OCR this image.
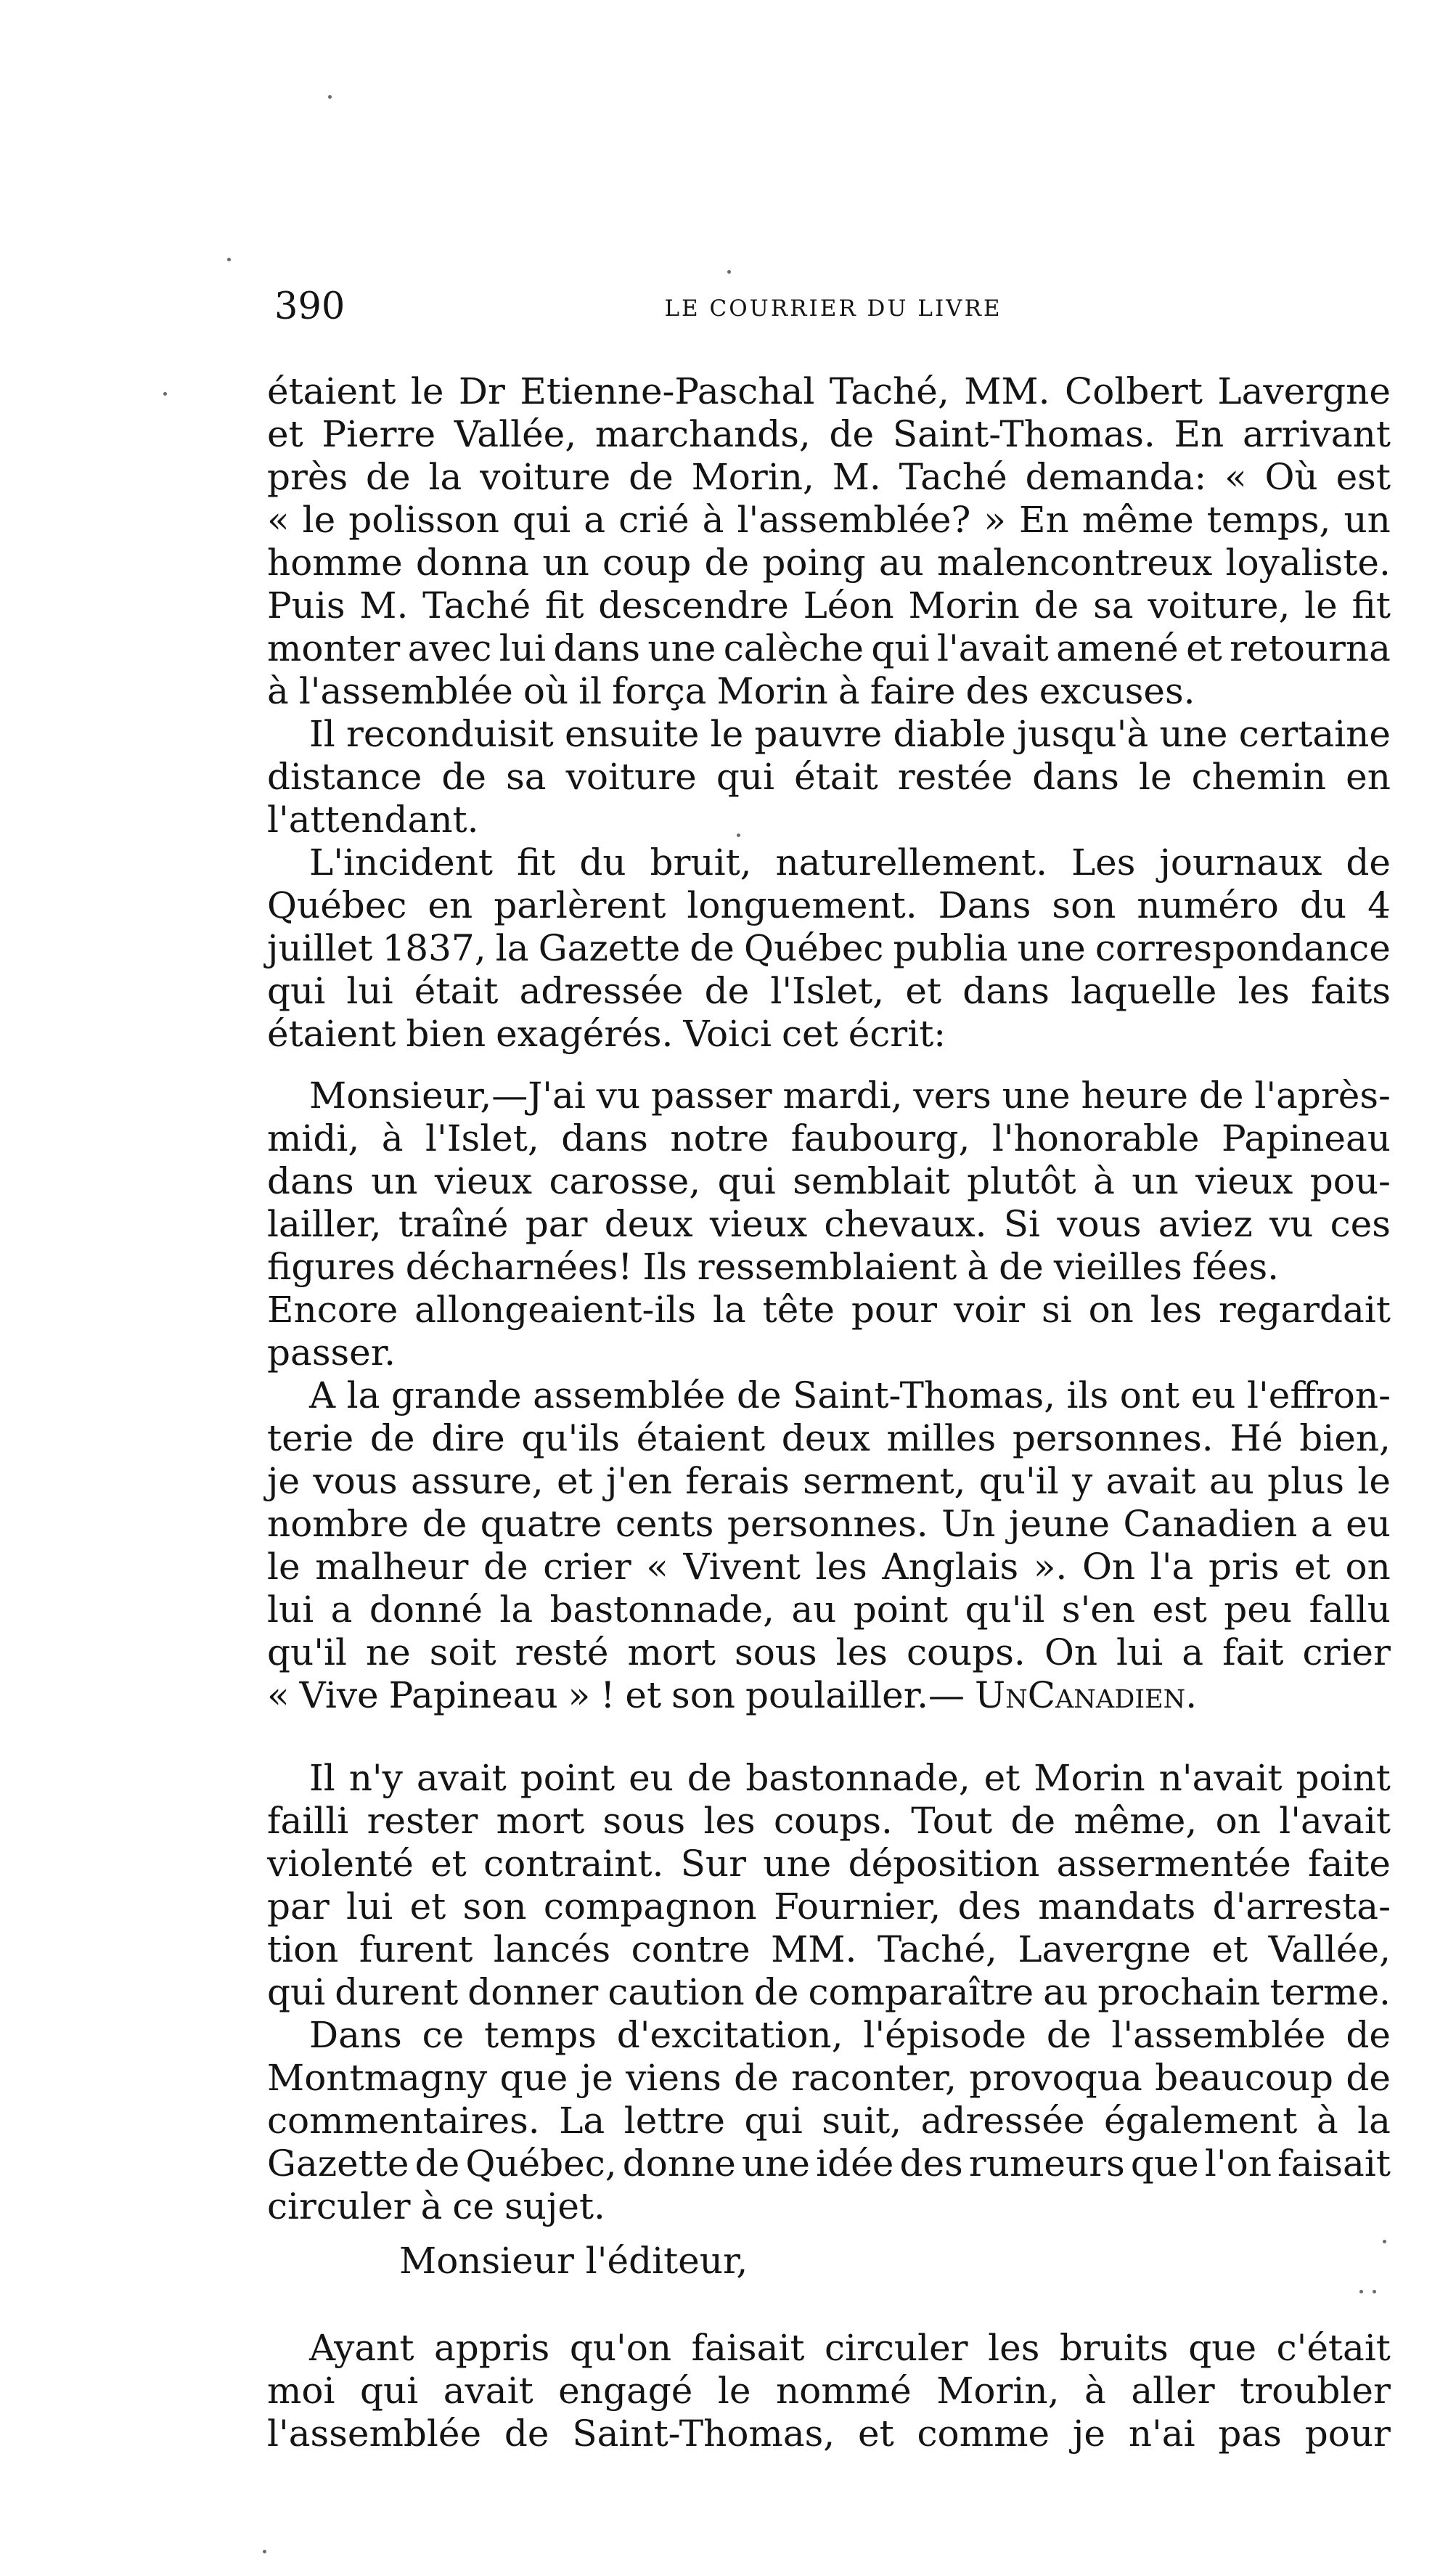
390	LE COURRIER DU LIVRE
étaient le Dr Etienne-Paschal Taché, MM. Colbert Lavergne
et Pierre Vallée, marchands, de Saint-Thomas. En arrivant
près de la voiture de Morin, M. Taché demanda: « Où est
« le polisson qui a crié à l'assemblée? » En même temps, un
homme donna un coup de poing au malencontreux loyaliste.
Puis M. Taché fit descendre Léon Morin de sa voiture, le fit
monter avec lui dans une calèche qui l'avait amené et retourna
à l'assemblée où il força Morin à faire des excuses.
Il reconduisit ensuite le pauvre diable jusqu'à une certaine
distance de sa voiture qui était restée dans le chemin en
l'attendant.
L'incident fit du bruit, naturellement. Les journaux de
Québec en parlèrent longuement. Dans son numéro du 4
juillet 1837, la Gazette de Québec publia une correspondance
qui lui était adressée de l'Islet, et dans laquelle les faits
étaient bien exagérés. Voici cet écrit:
Monsieur,—J'ai vu passer mardi, vers une heure de l'après-
midi, à l'Islet, dans notre faubourg, l'honorable Papineau
dans un vieux carosse, qui semblait plutôt à un vieux pou-
lailler, traîné par deux vieux chevaux. Si vous aviez vu ces
figures décharnées! Ils ressemblaient à de vieilles fées.
Encore allongeaient-ils la tête pour voir si on les regardait
passer.
A la grande assemblée de Saint-Thomas, ils ont eu l'effron-
terie de dire qu'ils étaient deux milles personnes. Hé bien,
je vous assure, et j'en ferais serment, qu'il y avait au plus le
nombre de quatre cents personnes. Un jeune Canadien a eu
le malheur de crier « Vivent les Anglais ». On l'a pris et on
lui a donné la bastonnade, au point qu'il s'en est peu fallu
qu'il ne soit resté mort sous les coups. On lui a fait crier
« Vive Papineau » ! et son poulailler.— UnCanadien.
Il n'y avait point eu de bastonnade, et Morin n'avait point
failli rester mort sous les coups. Tout de même, on l'avait
violenté et contraint. Sur une déposition assermentée faite
par lui et son compagnon Fournier, des mandats d'arresta-
tion furent lancés contre MM. Taché, Lavergne et Vallée,
qui durent donner caution de comparaître au prochain terme.
Dans ce temps d'excitation, l'épisode de l'assemblée de
Montmagny que je viens de raconter, provoqua beaucoup de
commentaires. La lettre qui suit, adressée également à la
Gazette de Québec, donne une idée des rumeurs que l'on faisait
circuler à ce sujet.
Monsieur l'éditeur,
Ayant appris qu'on faisait circuler les bruits que c'était
moi qui avait engagé le nommé Morin, à aller troubler
l'assemblée de Saint-Thomas, et comme je n'ai pas pour
